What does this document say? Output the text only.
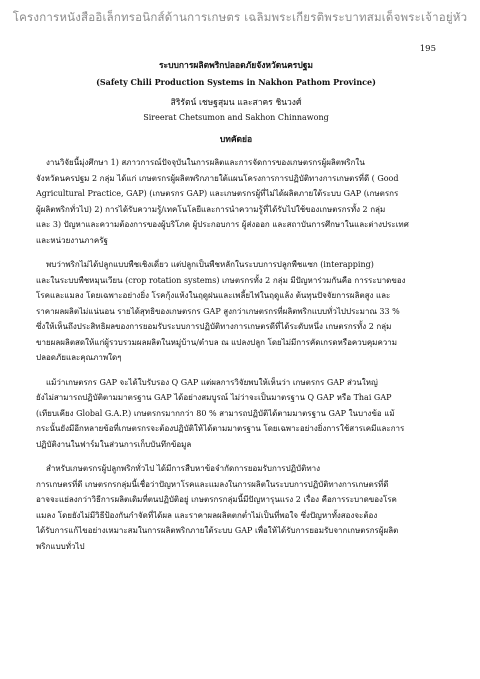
โครงการหนังสืออิเล็กทรอนิกส์ด้านการเกษตร เฉลิมพระเกียรติพระบาทสมเด็จพระเจ้าอยู่หัว
195
ระบบการผลิตพริกปลอดภัยจังหวัดนครปฐม
(Safety Chili Production Systems in Nakhon Pathom Province)
สิริรัตน์ เชษฐสุมน และสาคร ชินวงศ์
Sireerat Chetsumon and Sakhon Chinnawong
บทคัดย่อ
งานวิจัยนี้มุ่งศึกษา 1) สภาวการณ์ปัจจุบันในการผลิตและการจัดการของเกษตรกรผู้ผลิตพริกใน
จังหวัดนครปฐม 2 กลุ่ม ได้แก่ เกษตรกรผู้ผลิตพริกภายใต้แผนโครงการการปฏิบัติทางการเกษตรที่ดี ( Good
Agricultural Practice, GAP) (เกษตรกร GAP) และเกษตรกรผู้ที่ไม่ได้ผลิตภายใต้ระบบ GAP (เกษตรกร
ผู้ผลิตพริกทั่วไป) 2) การได้รับความรู้/เทคโนโลยีและการนำความรู้ที่ได้รับไปใช้ของเกษตรกรทั้ง 2 กลุ่ม
และ 3) ปัญหาและความต้องการของผู้บริโภค ผู้ประกอบการ ผู้ส่งออก และสถาบันการศึกษาในและต่างประเทศ
และหน่วยงานภาครัฐ
พบว่าพริกไม่ได้ปลูกแบบพืชเชิงเดี่ยว แต่ปลูกเป็นพืชหลักในระบบการปลูกพืชแซก (interapping)
และในระบบพืชหมุนเวียน (crop rotation systems) เกษตรกรทั้ง 2 กลุ่ม มีปัญหาร่วมกันคือ การระบาดของ
โรคและแมลง โดยเฉพาะอย่างยิ่ง โรคกุ้งแห้งในฤดูฝนและเพลี้ยไฟในฤดูแล้ง ต้นทุนปัจจัยการผลิตสูง และ
ราคาผลผลิตไม่แน่นอน รายได้สุทธิของเกษตรกร GAP สูงกว่าเกษตรกรที่ผลิตพริกแบบทั่วไปประมาณ 33 %
ซึ่งให้เห็นถึงประสิทธิผลของการยอมรับระบบการปฏิบัติทางการเกษตรดีที่ได้ระดับหนึ่ง เกษตรกรทั้ง 2 กลุ่ม
ขายผลผลิตสดให้แก่ผู้รวบรวมผลผลิตในหมู่บ้าน/ตำบล ณ แปลงปลูก โดยไม่มีการคัดเกรดหรือควบคุมความ
ปลอดภัยและคุณภาพใดๆ
แม้ว่าเกษตรกร GAP จะได้ใบรับรอง Q GAP แต่ผลการวิจัยพบให้เห็นว่า เกษตรกร GAP ส่วนใหญ่
ยังไม่สามารถปฏิบัติตามมาตรฐาน GAP ได้อย่างสมบูรณ์ ไม่ว่าจะเป็นมาตรฐาน Q GAP หรือ Thai GAP
(เทียบเคียง Global G.A.P.) เกษตรกรมากกว่า 80 % สามารถปฏิบัติได้ตามมาตรฐาน GAP ในบางข้อ แม้
กระนั้นยังมีอีกหลายข้อที่เกษตรกรจะต้องปฏิบัติให้ได้ตามมาตรฐาน โดยเฉพาะอย่างยิ่งการใช้สารเคมีและการ
ปฏิบัติงานในฟาร์มในส่วนการเก็บบันทึกข้อมูล
สำหรับเกษตรกรผู้ปลูกพริกทั่วไป ได้มีการสืบหาข้อจำกัดการยอมรับการปฏิบัติทาง
การเกษตรที่ดี เกษตรกรกลุ่มนี้เชื่อว่าปัญหาโรคและแมลงในการผลิตในระบบการปฏิบัติทางการเกษตรที่ดี
อาจจะแย่ลงกว่าวิธีการผลิตเดิมที่ตนปฏิบัติอยู่ เกษตรกรกลุ่มนี้มีปัญหารุนแรง 2 เรื่อง คือการระบาดของโรค
แมลง โดยยังไม่มีวิธีป้องกันกำจัดที่ได้ผล และราคาผลผลิตตกต่ำไม่เป็นที่พอใจ ซึ่งปัญหาทั้งสองจะต้อง
ได้รับการแก้ไขอย่างเหมาะสมในการผลิตพริกภายใต้ระบบ GAP เพื่อให้ได้รับการยอมรับจากเกษตรกรผู้ผลิต
พริกแบบทั่วไป
